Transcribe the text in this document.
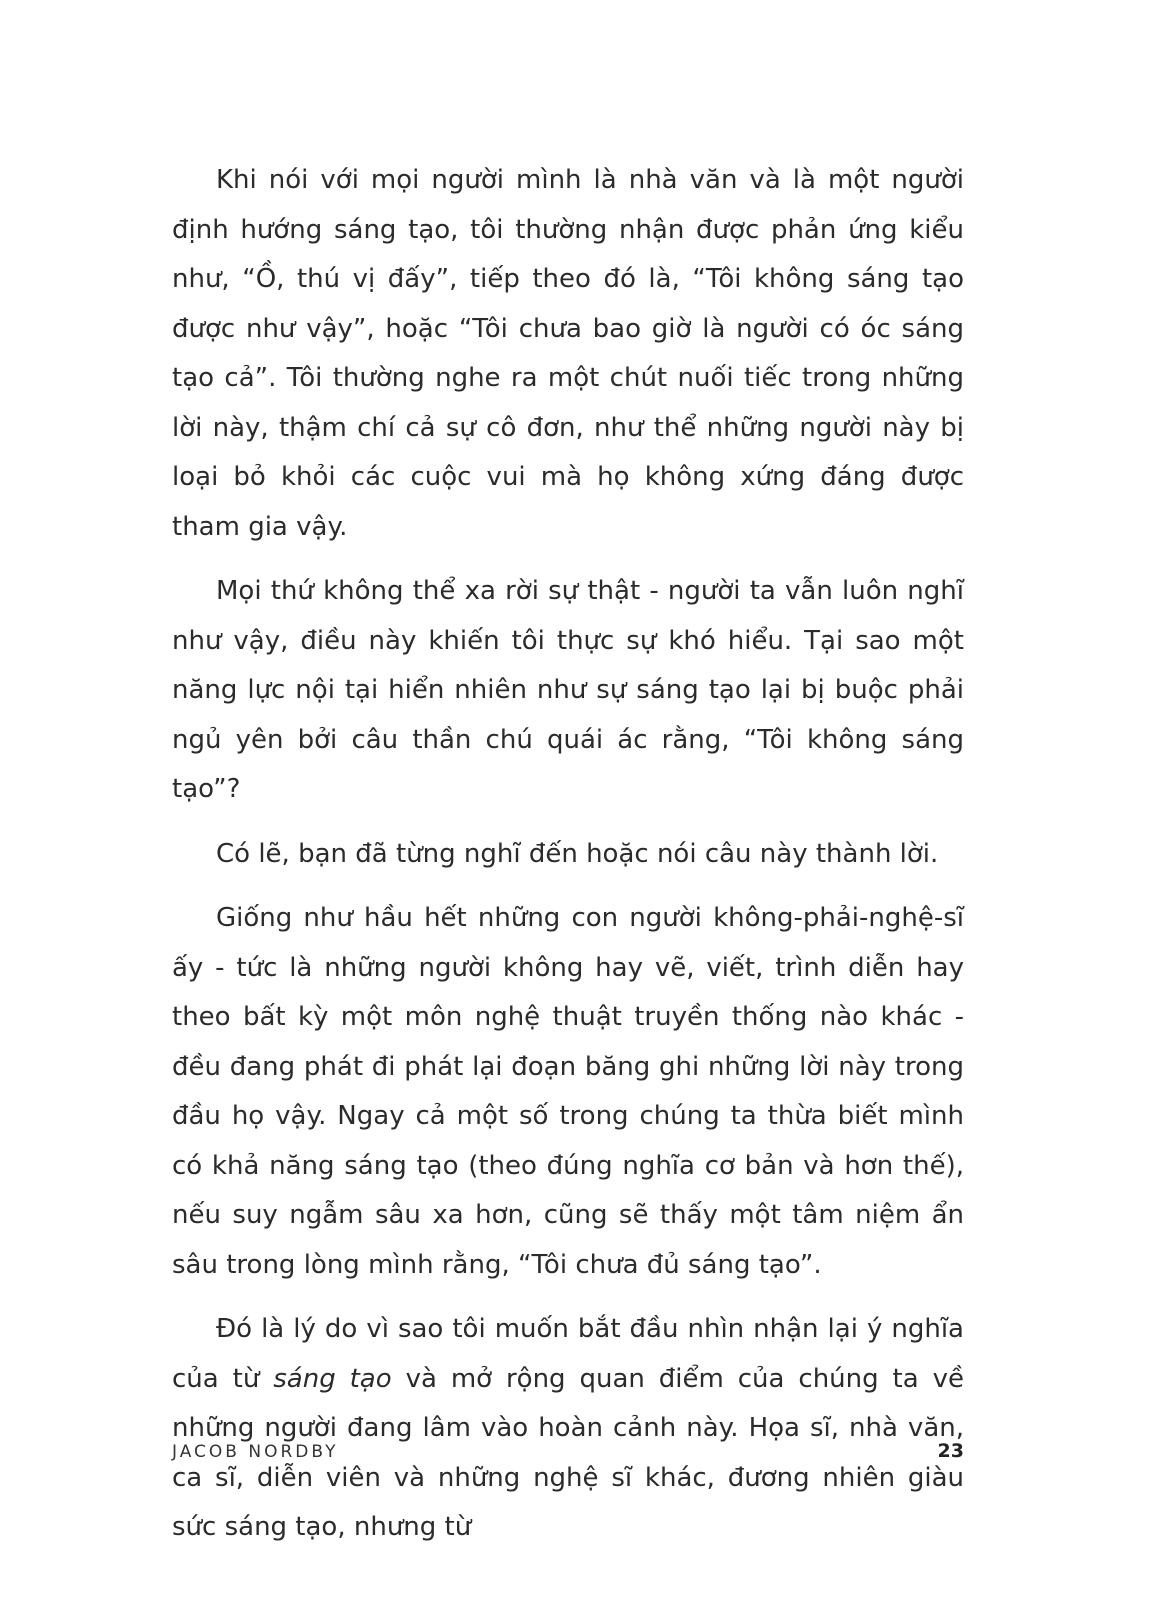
Khi nói với mọi người mình là nhà văn và là một người định hướng sáng tạo, tôi thường nhận được phản ứng kiểu như, “Ồ, thú vị đấy”, tiếp theo đó là, “Tôi không sáng tạo được như vậy”, hoặc “Tôi chưa bao giờ là người có óc sáng tạo cả”. Tôi thường nghe ra một chút nuối tiếc trong những lời này, thậm chí cả sự cô đơn, như thể những người này bị loại bỏ khỏi các cuộc vui mà họ không xứng đáng được tham gia vậy.

Mọi thứ không thể xa rời sự thật - người ta vẫn luôn nghĩ như vậy, điều này khiến tôi thực sự khó hiểu. Tại sao một năng lực nội tại hiển nhiên như sự sáng tạo lại bị buộc phải ngủ yên bởi câu thần chú quái ác rằng, “Tôi không sáng tạo”?

Có lẽ, bạn đã từng nghĩ đến hoặc nói câu này thành lời.

Giống như hầu hết những con người không-phải-nghệ-sĩ ấy - tức là những người không hay vẽ, viết, trình diễn hay theo bất kỳ một môn nghệ thuật truyền thống nào khác - đều đang phát đi phát lại đoạn băng ghi những lời này trong đầu họ vậy. Ngay cả một số trong chúng ta thừa biết mình có khả năng sáng tạo (theo đúng nghĩa cơ bản và hơn thế), nếu suy ngẫm sâu xa hơn, cũng sẽ thấy một tâm niệm ẩn sâu trong lòng mình rằng, “Tôi chưa đủ sáng tạo”.

Đó là lý do vì sao tôi muốn bắt đầu nhìn nhận lại ý nghĩa của từ sáng tạo và mở rộng quan điểm của chúng ta về những người đang lâm vào hoàn cảnh này. Họa sĩ, nhà văn, ca sĩ, diễn viên và những nghệ sĩ khác, đương nhiên giàu sức sáng tạo, nhưng từ

JACOB NORDBY	23
